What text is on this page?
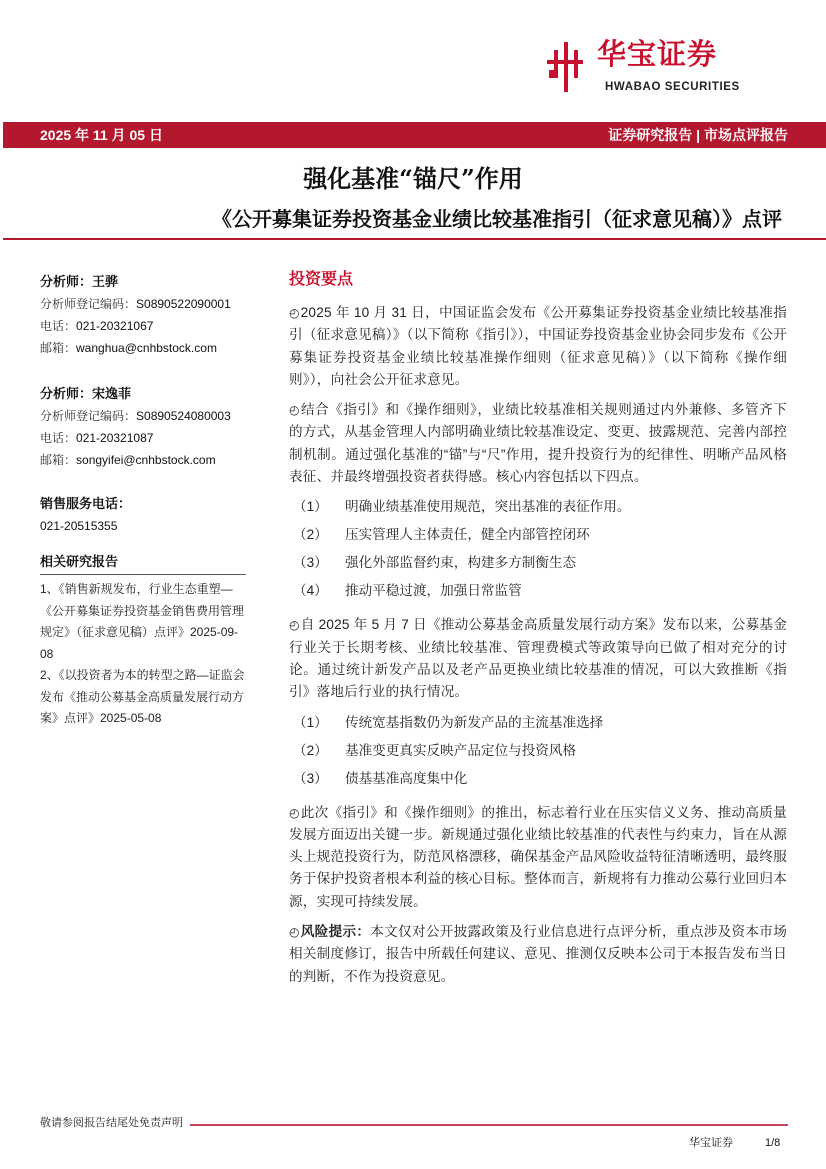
华宝证券
HWABAO SECURITIES
2025 年 11 月 05 日	证券研究报告 | 市场点评报告
强化基准“锚尺”作用
《公开募集证券投资基金业绩比较基准指引（征求意见稿）》点评
分析师：王骅
分析师登记编码：S0890522090001
电话：021-20321067
邮箱：wanghua@cnhbstock.com
分析师：宋逸菲
分析师登记编码：S0890524080003
电话：021-20321087
邮箱：songyifei@cnhbstock.com
销售服务电话：
021-20515355
相关研究报告
1、《销售新规发布，行业生态重塑—《公开募集证券投资基金销售费用管理规定》（征求意见稿）点评》2025-09-08
2、《以投资者为本的转型之路—证监会发布《推动公募基金高质量发展行动方案》点评》2025-05-08
投资要点

◴2025 年 10 月 31 日，中国证监会发布《公开募集证券投资基金业绩比较基准指引（征求意见稿）》（以下简称《指引》），中国证券投资基金业协会同步发布《公开募集证券投资基金业绩比较基准操作细则（征求意见稿）》（以下简称《操作细则》），向社会公开征求意见。

◴结合《指引》和《操作细则》，业绩比较基准相关规则通过内外兼修、多管齐下的方式，从基金管理人内部明确业绩比较基准设定、变更、披露规范、完善内部控制机制。通过强化基准的“锚”与“尺”作用，提升投资行为的纪律性、明晰产品风格表征、并最终增强投资者获得感。核心内容包括以下四点。

（1）	明确业绩基准使用规范，突出基准的表征作用。
（2）	压实管理人主体责任，健全内部管控闭环
（3）	强化外部监督约束，构建多方制衡生态
（4）	推动平稳过渡，加强日常监管

◴自 2025 年 5 月 7 日《推动公募基金高质量发展行动方案》发布以来，公募基金行业关于长期考核、业绩比较基准、管理费模式等政策导向已做了相对充分的讨论。通过统计新发产品以及老产品更换业绩比较基准的情况，可以大致推断《指引》落地后行业的执行情况。

（1）	传统宽基指数仍为新发产品的主流基准选择
（2）	基准变更真实反映产品定位与投资风格
（3）	债基基准高度集中化

◴此次《指引》和《操作细则》的推出，标志着行业在压实信义义务、推动高质量发展方面迈出关键一步。新规通过强化业绩比较基准的代表性与约束力，旨在从源头上规范投资行为，防范风格漂移，确保基金产品风险收益特征清晰透明，最终服务于保护投资者根本利益的核心目标。整体而言，新规将有力推动公募行业回归本源，实现可持续发展。

◴风险提示：本文仅对公开披露政策及行业信息进行点评分析，重点涉及资本市场相关制度修订，报告中所载任何建议、意见、推测仅反映本公司于本报告发布当日的判断，不作为投资意见。

敬请参阅报告结尾处免责声明
华宝证券	1/8
